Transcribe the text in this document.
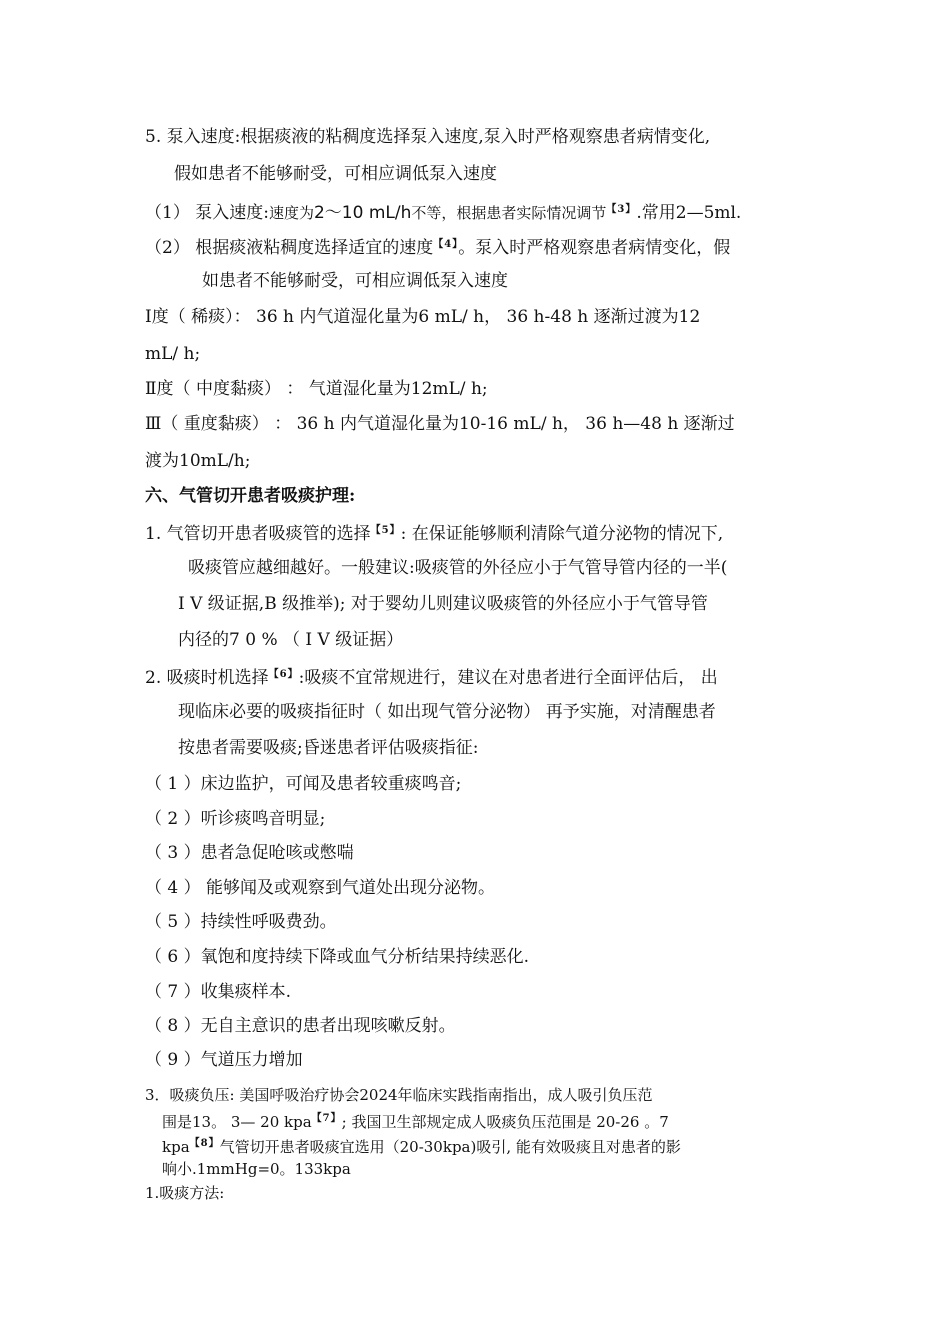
5. 泵入速度:根据痰液的粘稠度选择泵入速度,泵入时严格观察患者病情变化,
假如患者不能够耐受，可相应调低泵入速度
（1） 泵入速度:速度为2～10 mL/h不等，根据患者实际情况调节$^{【3】}$.常用2—5ml.
（2） 根据痰液粘稠度选择适宜的速度$^{【4】}$。泵入时严格观察患者病情变化，假
如患者不能够耐受，可相应调低泵入速度
Ⅰ度（ 稀痰）： 36 h 内气道湿化量为6 mL/ h， 36 h-48 h 逐渐过渡为12
mL/ h;
Ⅱ度（ 中度黏痰） ： 气道湿化量为12mL/ h;
Ⅲ（ 重度黏痰） ： 36 h 内气道湿化量为10-16 mL/ h， 36 h—48 h 逐渐过
渡为10mL/h;
六、气管切开患者吸痰护理:
1. 气管切开患者吸痰管的选择$^{【5】}$: 在保证能够顺利清除气道分泌物的情况下,
吸痰管应越细越好。一般建议:吸痰管的外径应小于气管导管内径的一半(
Ⅰ Ⅴ 级证据,B 级推举); 对于婴幼儿则建议吸痰管的外径应小于气管导管
内径的7 0 % （ Ⅰ Ⅴ 级证据）
2. 吸痰时机选择$^{【6】}$:吸痰不宜常规进行，建议在对患者进行全面评估后， 出
现临床必要的吸痰指征时（ 如出现气管分泌物） 再予实施，对清醒患者
按患者需要吸痰;昏迷患者评估吸痰指征:
（ 1 ）床边监护，可闻及患者较重痰鸣音;
（ 2 ）听诊痰鸣音明显;
（ 3 ）患者急促呛咳或憋喘
（ 4 ） 能够闻及或观察到气道处出现分泌物。
（ 5 ）持续性呼吸费劲。
（ 6 ）氧饱和度持续下降或血气分析结果持续恶化.
（ 7 ）收集痰样本.
（ 8 ）无自主意识的患者出现咳嗽反射。
（ 9 ）气道压力增加
3．吸痰负压: 美国呼吸治疗协会2024年临床实践指南指出，成人吸引负压范
围是13。 3— 20 kpa$^{【7】}$; 我国卫生部规定成人吸痰负压范围是 20-26 。7
kpa$^{【8】}$气管切开患者吸痰宜选用（20-30kpa)吸引, 能有效吸痰且对患者的影
响小.1mmHg=0。133kpa
1.吸痰方法:
